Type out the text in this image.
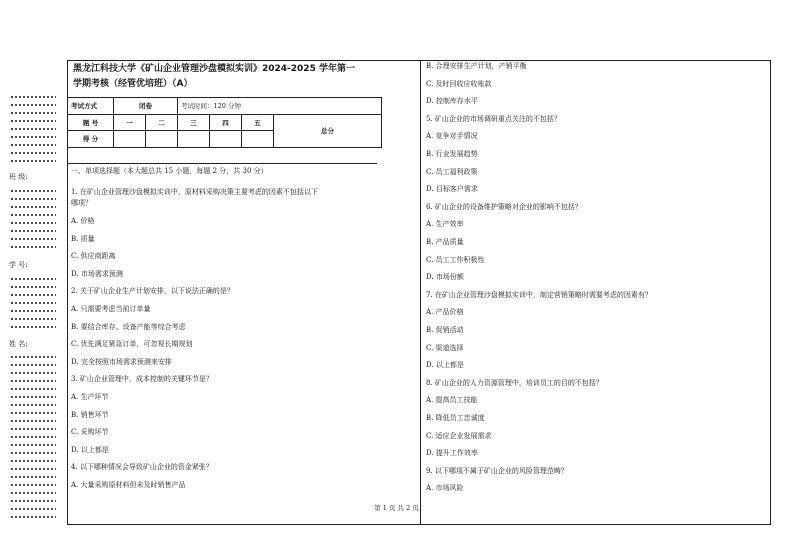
班 级:
学 号:
姓 名:
黑龙江科技大学《矿山企业管理沙盘模拟实训》2024-2025 学年第一
学期考核（经管优培班）（A）
考试方式	闭卷		考试时间：120 分钟			
题 号	一	二	三	四	五	总分
得 分						
一、单项选择题（本大题总共 15 小题，每题 2 分，共 30 分）
1. 在矿山企业管理沙盘模拟实训中，原材料采购决策主要考虑的因素不包括以下
哪项？
A. 价格
B. 质量
C. 供应商距离
D. 市场需求预测
2. 关于矿山企业生产计划安排，以下说法正确的是？
A. 只需要考虑当前订单量
B. 要结合库存、设备产能等综合考虑
C. 优先满足紧急订单，可忽视长期规划
D. 完全按照市场需求预测来安排
3. 矿山企业管理中，成本控制的关键环节是？
A. 生产环节
B. 销售环节
C. 采购环节
D. 以上都是
4. 以下哪种情况会导致矿山企业的资金紧张？
A. 大量采购原材料但未及时销售产品
B. 合理安排生产计划，产销平衡
C. 及时回收应收账款
D. 控制库存水平
5. 矿山企业的市场调研重点关注的不包括？
A. 竞争对手情况
B. 行业发展趋势
C. 员工福利政策
D. 目标客户需求
6. 矿山企业的设备维护策略对企业的影响不包括？
A. 生产效率
B. 产品质量
C. 员工工作积极性
D. 市场份额
7. 在矿山企业管理沙盘模拟实训中，制定营销策略时需要考虑的因素有？
A. 产品价格
B. 促销活动
C. 渠道选择
D. 以上都是
8. 矿山企业的人力资源管理中，培训员工的目的不包括？
A. 提高员工技能
B. 降低员工忠诚度
C. 适应企业发展需求
D. 提升工作效率
9. 以下哪项不属于矿山企业的风险管理范畴？
A. 市场风险
第 1 页 共 2 页
